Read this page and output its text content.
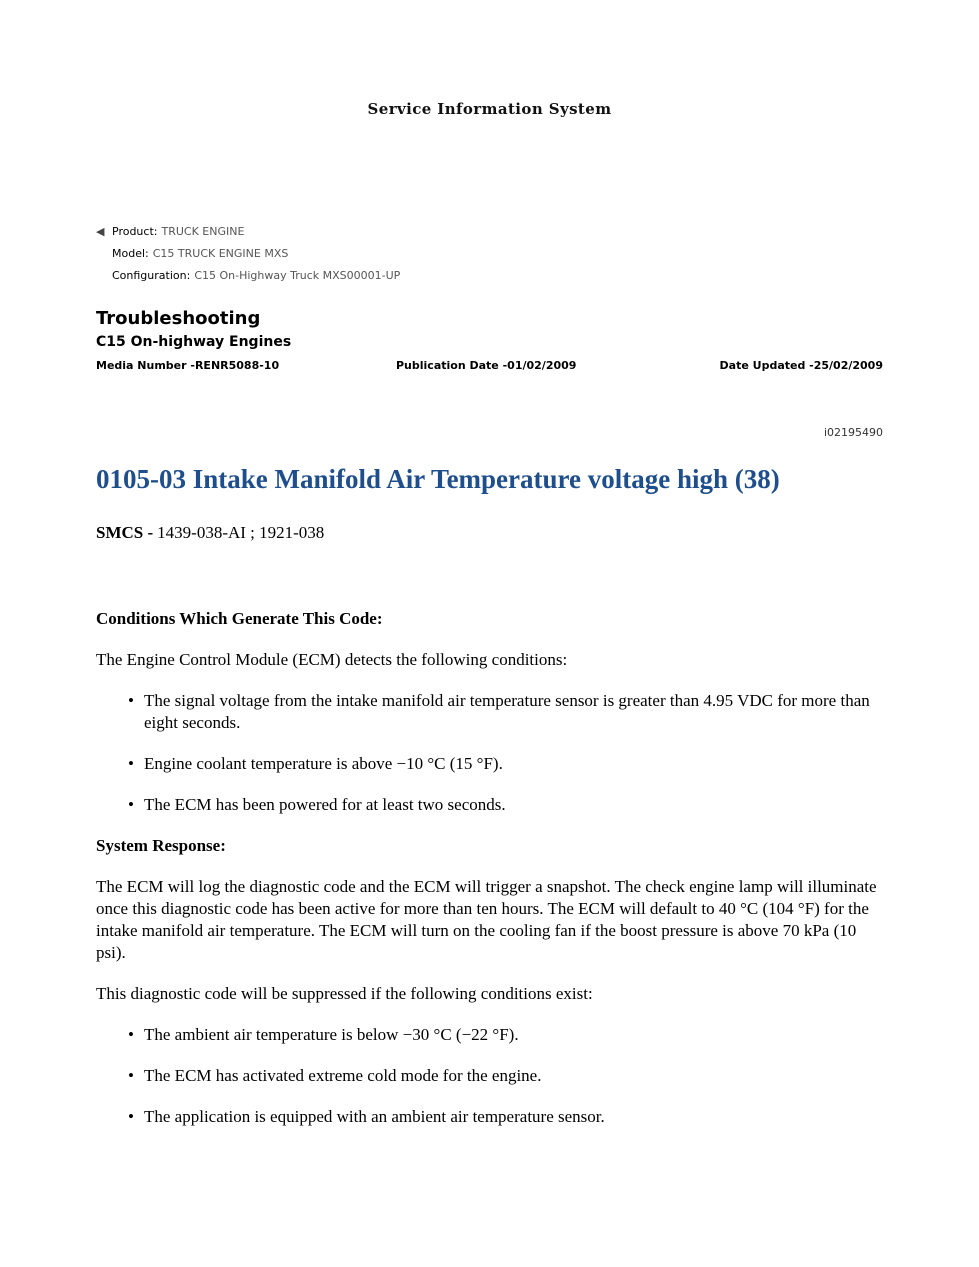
Service Information System
◀ Product: TRUCK ENGINE
Model: C15 TRUCK ENGINE MXS
Configuration: C15 On-Highway Truck MXS00001-UP
Troubleshooting
C15 On-highway Engines
Media Number -RENR5088-10	Publication Date -01/02/2009	Date Updated -25/02/2009
i02195490
0105-03 Intake Manifold Air Temperature voltage high (38)

SMCS - 1439-038-AI ; 1921-038

Conditions Which Generate This Code:

The Engine Control Module (ECM) detects the following conditions:

• The signal voltage from the intake manifold air temperature sensor is greater than 4.95 VDC for more than eight seconds.
• Engine coolant temperature is above −10 °C (15 °F).
• The ECM has been powered for at least two seconds.

System Response:

The ECM will log the diagnostic code and the ECM will trigger a snapshot. The check engine lamp will illuminate once this diagnostic code has been active for more than ten hours. The ECM will default to 40 °C (104 °F) for the intake manifold air temperature. The ECM will turn on the cooling fan if the boost pressure is above 70 kPa (10 psi).

This diagnostic code will be suppressed if the following conditions exist:

• The ambient air temperature is below −30 °C (−22 °F).
• The ECM has activated extreme cold mode for the engine.
• The application is equipped with an ambient air temperature sensor.
